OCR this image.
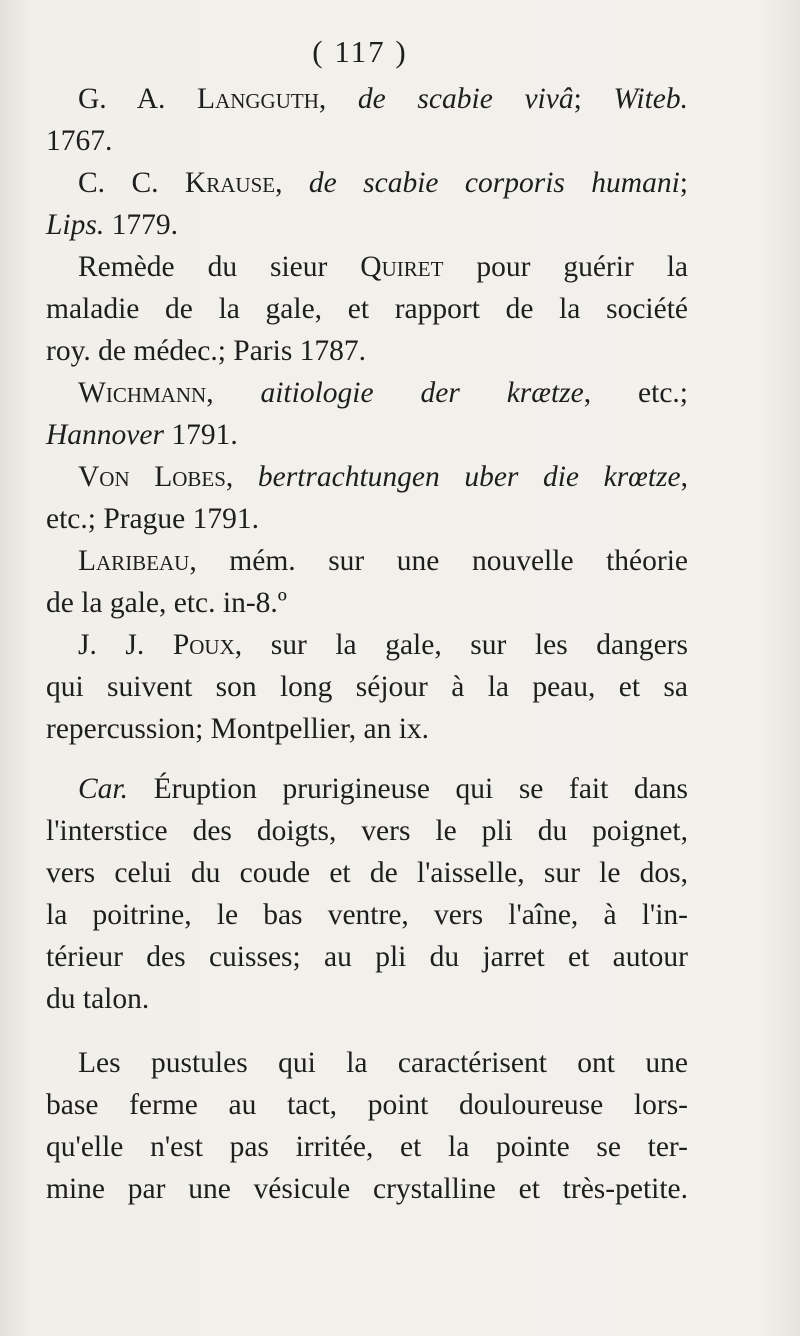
( 117 )
G. A. Langguth, de scabie vivâ; Witeb.
1767.
C. C. Krause, de scabie corporis humani;
Lips. 1779.
Remède du sieur Quiret pour guérir la
maladie de la gale, et rapport de la société
roy. de médec.; Paris 1787.
Wichmann, aitiologie der krætze, etc.;
Hannover 1791.
Von Lobes, bertrachtungen uber die krœtze,
etc.; Prague 1791.
Laribeau, mém. sur une nouvelle théorie
de la gale, etc. in-8.º
J. J. Poux, sur la gale, sur les dangers
qui suivent son long séjour à la peau, et sa
repercussion; Montpellier, an ix.
Car. Éruption prurigineuse qui se fait dans
l'interstice des doigts, vers le pli du poignet,
vers celui du coude et de l'aisselle, sur le dos,
la poitrine, le bas ventre, vers l'aîne, à l'in-
térieur des cuisses; au pli du jarret et autour
du talon.
Les pustules qui la caractérisent ont une
base ferme au tact, point douloureuse lors-
qu'elle n'est pas irritée, et la pointe se ter-
mine par une vésicule crystalline et très-petite.
